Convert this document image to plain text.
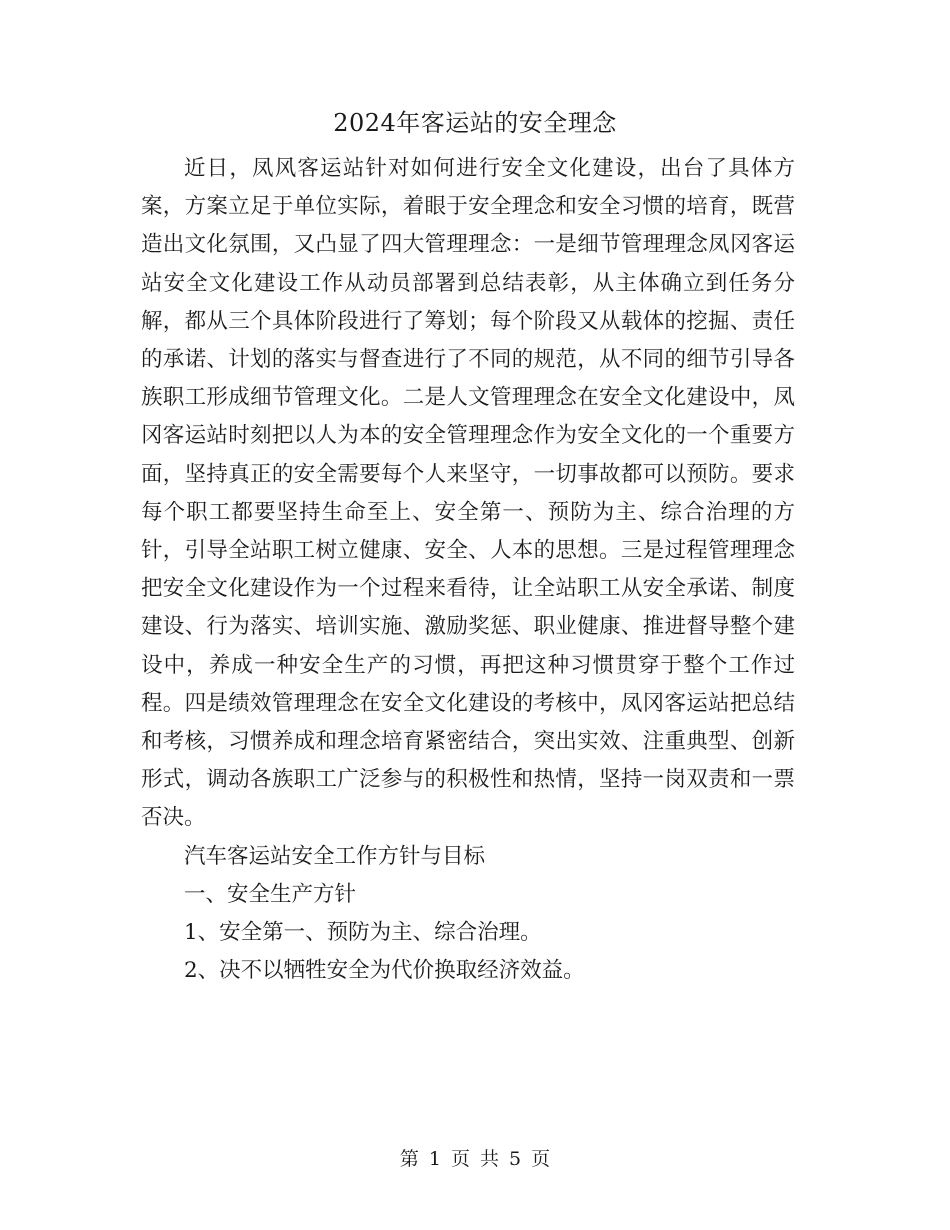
2024年客运站的安全理念

近日，凤风客运站针对如何进行安全文化建设，出台了具体方案，方案立足于单位实际，着眼于安全理念和安全习惯的培育，既营造出文化氛围，又凸显了四大管理理念：一是细节管理理念凤冈客运站安全文化建设工作从动员部署到总结表彰，从主体确立到任务分解，都从三个具体阶段进行了筹划；每个阶段又从载体的挖掘、责任的承诺、计划的落实与督查进行了不同的规范，从不同的细节引导各族职工形成细节管理文化。二是人文管理理念在安全文化建设中，凤冈客运站时刻把以人为本的安全管理理念作为安全文化的一个重要方面，坚持真正的安全需要每个人来坚守，一切事故都可以预防。要求每个职工都要坚持生命至上、安全第一、预防为主、综合治理的方针，引导全站职工树立健康、安全、人本的思想。三是过程管理理念把安全文化建设作为一个过程来看待，让全站职工从安全承诺、制度建设、行为落实、培训实施、激励奖惩、职业健康、推进督导整个建设中，养成一种安全生产的习惯，再把这种习惯贯穿于整个工作过程。四是绩效管理理念在安全文化建设的考核中，凤冈客运站把总结和考核，习惯养成和理念培育紧密结合，突出实效、注重典型、创新形式，调动各族职工广泛参与的积极性和热情，坚持一岗双责和一票否决。

汽车客运站安全工作方针与目标

一、安全生产方针

1、安全第一、预防为主、综合治理。

2、决不以牺牲安全为代价换取经济效益。

第 1 页 共 5 页
